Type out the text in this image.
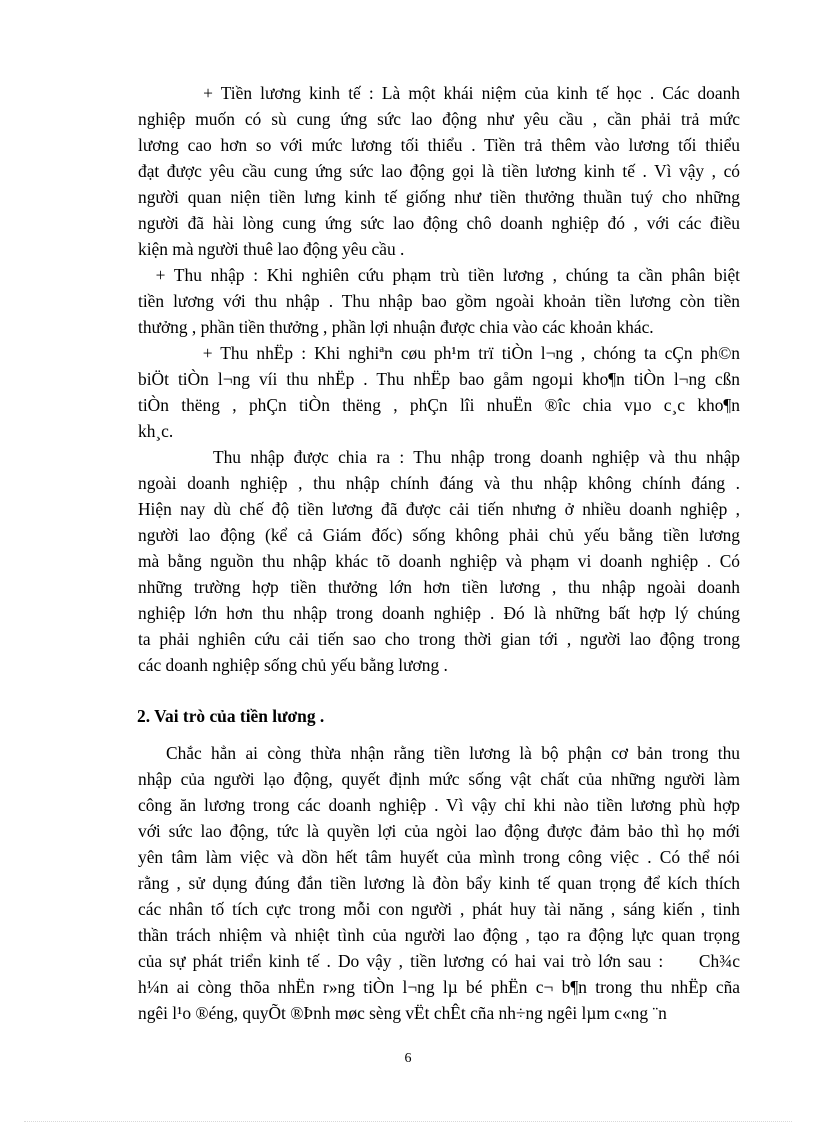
+ Tiền lương kinh tế : Là một khái niệm của kinh tế học . Các doanh
nghiệp muốn có sù cung ứng sức lao động như yêu cầu , cần phải trả mức
lương cao hơn so với mức lương tối thiểu . Tiền trả thêm vào lương tối thiểu
đạt được yêu cầu cung ứng sức lao động gọi là tiền lương kinh tế . Vì vậy , có
người quan niện tiền lưng kinh tế giống như tiền thưởng thuần tuý cho những
người đã hài lòng cung ứng sức lao động chô doanh nghiệp đó , với các điều
kiện mà người thuê lao động yêu cầu .
+ Thu nhập : Khi nghiên cứu phạm trù tiền lương , chúng ta cần phân biệt
tiền lương với thu nhập . Thu nhập bao gồm ngoài khoản tiền lương còn tiền
thưởng , phần tiền thưởng , phần lợi nhuận được chia vào các khoản khác.
+ Thu nhËp : Khi nghiªn cøu ph¹m trï tiÒn l¬ng , chóng ta cÇn ph©n
biÖt tiÒn l¬ng víi thu nhËp . Thu nhËp bao gåm ngoµi kho¶n tiÒn l¬ng cßn
tiÒn thëng , phÇn tiÒn thëng , phÇn lîi nhuËn ®îc chia vµo c¸c kho¶n
kh¸c.
Thu nhập được chia ra : Thu nhập trong doanh nghiệp và thu nhập
ngoài doanh nghiệp , thu nhập chính đáng và thu nhập không chính đáng .
Hiện nay dù chế độ tiền lương đã được cải tiến nhưng ở nhiều doanh nghiệp ,
người lao động (kể cả Giám đốc) sống không phải chủ yếu bằng tiền lương
mà bằng nguồn thu nhập khác tõ doanh nghiệp và phạm vi doanh nghiệp . Có
những trường hợp tiền thưởng lớn hơn tiền lương , thu nhập ngoài doanh
nghiệp lớn hơn thu nhập trong doanh nghiệp . Đó là những bất hợp lý chúng
ta phải nghiên cứu cải tiến sao cho trong thời gian tới , người lao động trong
các doanh nghiệp sống chủ yếu bằng lương .

2. Vai trò của tiền lương .

Chắc hẳn ai còng thừa nhận rằng tiền lương là bộ phận cơ bản trong thu
nhập của người lạo động, quyết định mức sống vật chất của những người làm
công ăn lương trong các doanh nghiệp . Vì vậy chỉ khi nào tiền lương phù hợp
với sức lao động, tức là quyền lợi của ngòi lao động được đảm bảo thì họ mới
yên tâm làm việc và dồn hết tâm huyết của mình trong công việc . Có thể nói
rằng , sử dụng đúng đắn tiền lương là đòn bẩy kinh tế quan trọng để kích thích
các nhân tố tích cực trong mỗi con người , phát huy tài năng , sáng kiến , tinh
thần trách nhiệm và nhiệt tình của người lao động , tạo ra động lực quan trọng
của sự phát triển kinh tế . Do vậy , tiền lương có hai vai trò lớn sau :     Ch¾c
h¼n ai còng thõa nhËn r»ng tiÒn l¬ng lµ bé phËn c¬ b¶n trong thu nhËp cña
ngêi l¹o ®éng, quyÕt ®Þnh møc sèng vËt chÊt cña nh÷ng ngêi lµm c«ng ¨n
6
